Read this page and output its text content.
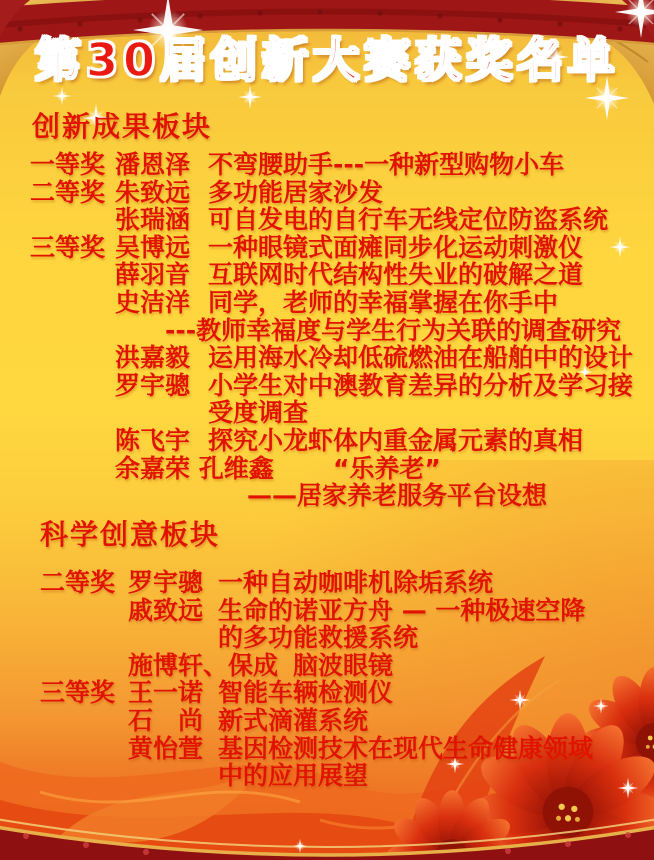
第30届创新大赛获奖名单
创新成果板块
一等奖 潘恩泽 不弯腰助手---一种新型购物小车
二等奖 朱致远 多功能居家沙发
张瑞涵 可自发电的自行车无线定位防盗系统
三等奖 吴博远 一种眼镜式面瘫同步化运动刺激仪
薛羽音 互联网时代结构性失业的破解之道
史洁洋 同学，老师的幸福掌握在你手中
---教师幸福度与学生行为关联的调查研究
洪嘉毅 运用海水冷却低硫燃油在船舶中的设计
罗宇骢 小学生对中澳教育差异的分析及学习接
受度调查
陈飞宇 探究小龙虾体内重金属元素的真相
余嘉荣 孔维鑫	“乐养老”
——居家养老服务平台设想
科学创意板块
二等奖 罗宇骢 一种自动咖啡机除垢系统
戚致远 生命的诺亚方舟 — 一种极速空降
的多功能救援系统
施博轩、保成 脑波眼镜
三等奖 王一诺 智能车辆检测仪
石　尚 新式滴灌系统
黄怡萱 基因检测技术在现代生命健康领域
中的应用展望
